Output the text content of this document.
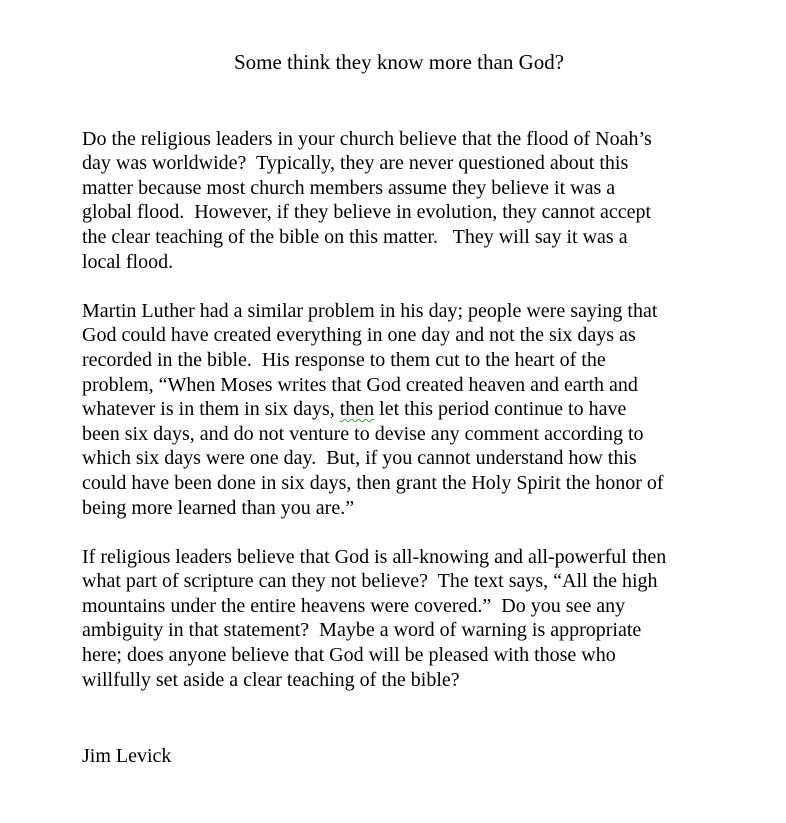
Some think they know more than God?
Do the religious leaders in your church believe that the flood of Noah’s
day was worldwide?  Typically, they are never questioned about this
matter because most church members assume they believe it was a
global flood.  However, if they believe in evolution, they cannot accept
the clear teaching of the bible on this matter.   They will say it was a
local flood.
Martin Luther had a similar problem in his day; people were saying that
God could have created everything in one day and not the six days as
recorded in the bible.  His response to them cut to the heart of the
problem, “When Moses writes that God created heaven and earth and
whatever is in them in six days, then let this period continue to have
been six days, and do not venture to devise any comment according to
which six days were one day.  But, if you cannot understand how this
could have been done in six days, then grant the Holy Spirit the honor of
being more learned than you are.”
If religious leaders believe that God is all-knowing and all-powerful then
what part of scripture can they not believe?  The text says, “All the high
mountains under the entire heavens were covered.”  Do you see any
ambiguity in that statement?  Maybe a word of warning is appropriate
here; does anyone believe that God will be pleased with those who
willfully set aside a clear teaching of the bible?
Jim Levick
